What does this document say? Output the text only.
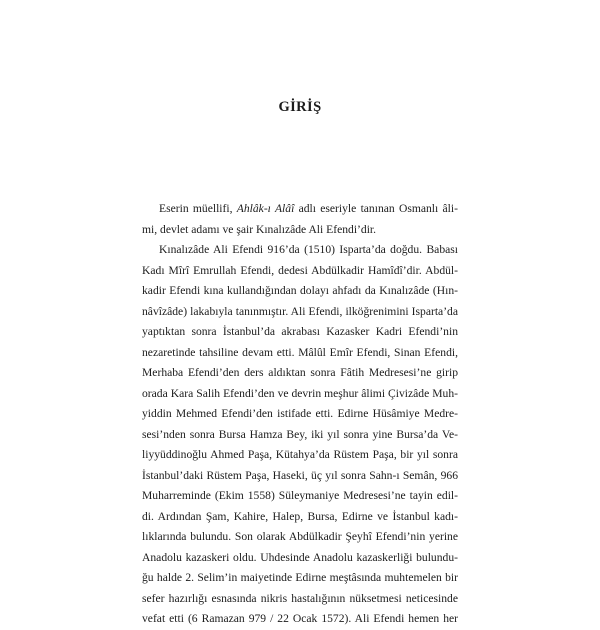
GİRİŞ

Eserin müellifi, Ahlâk-ı Alâî adlı eseriyle tanınan Osmanlı âli-
mi, devlet adamı ve şair Kınalızâde Ali Efendi’dir.

Kınalızâde Ali Efendi 916’da (1510) Isparta’da doğdu. Babası
Kadı Mîrî Emrullah Efendi, dedesi Abdülkadir Hamîdî’dir. Abdül-
kadir Efendi kına kullandığından dolayı ahfadı da Kınalızâde (Hın-
nâvîzâde) lakabıyla tanınmıştır. Ali Efendi, ilköğrenimini Isparta’da
yaptıktan sonra İstanbul’da akrabası Kazasker Kadri Efendi’nin
nezaretinde tahsiline devam etti. Mâlûl Emîr Efendi, Sinan Efendi,
Merhaba Efendi’den ders aldıktan sonra Fâtih Medresesi’ne girip
orada Kara Salih Efendi’den ve devrin meşhur âlimi Çivizâde Muh-
yiddin Mehmed Efendi’den istifade etti. Edirne Hüsâmiye Medre-
sesi’nden sonra Bursa Hamza Bey, iki yıl sonra yine Bursa’da Ve-
liyyüddinoğlu Ahmed Paşa, Kütahya’da Rüstem Paşa, bir yıl sonra
İstanbul’daki Rüstem Paşa, Haseki, üç yıl sonra Sahn-ı Semân, 966
Muharreminde (Ekim 1558) Süleymaniye Medresesi’ne tayin edil-
di. Ardından Şam, Kahire, Halep, Bursa, Edirne ve İstanbul kadı-
lıklarında bulundu. Son olarak Abdülkadir Şeyhî Efendi’nin yerine
Anadolu kazaskeri oldu. Uhdesinde Anadolu kazaskerliği bulundu-
ğu halde 2. Selim’in maiyetinde Edirne meştâsında muhtemelen bir
sefer hazırlığı esnasında nikris hastalığının nüksetmesi neticesinde
vefat etti (6 Ramazan 979 / 22 Ocak 1572). Ali Efendi hemen her
